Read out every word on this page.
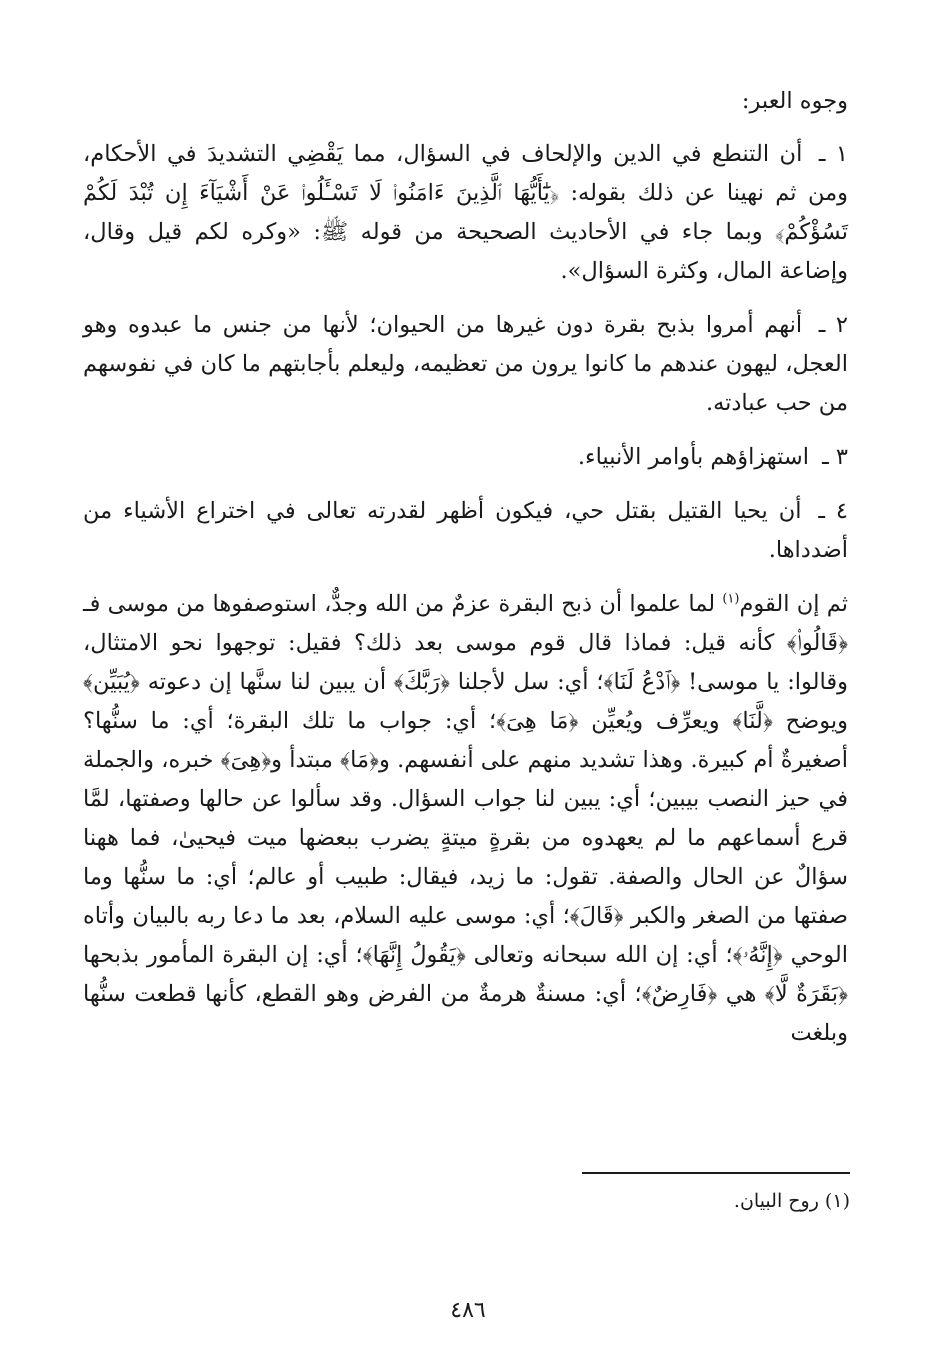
وجوه العبر:

١ ـ أن التنطع في الدين والإلحاف في السؤال، مما يَقْضِي التشديدَ في الأحكام، ومن ثم نهينا عن ذلك بقوله: ﴿يَٰٓأَيُّهَا ٱلَّذِينَ ءَامَنُوا۟ لَا تَسْـَٔلُوا۟ عَنْ أَشْيَآءَ إِن تُبْدَ لَكُمْ تَسُؤْكُمْ﴾ وبما جاء في الأحاديث الصحيحة من قوله ﷺ: «وكره لكم قيل وقال، وإضاعة المال، وكثرة السؤال».

٢ ـ أنهم أمروا بذبح بقرة دون غيرها من الحيوان؛ لأنها من جنس ما عبدوه وهو العجل، ليهون عندهم ما كانوا يرون من تعظيمه، وليعلم بأجابتهم ما كان في نفوسهم من حب عبادته.

٣ ـ استهزاؤهم بأوامر الأنبياء.

٤ ـ أن يحيا القتيل بقتل حي، فيكون أظهر لقدرته تعالى في اختراع الأشياء من أضدداها.

ثم إن القوم$^{(١)}$ لما علموا أن ذبح البقرة عزمٌ من الله وجدٌّ، استوصفوها من موسى فـ ﴿قَالُوا۟﴾ كأنه قيل: فماذا قال قوم موسى بعد ذلك؟ فقيل: توجهوا نحو الامتثال، وقالوا: يا موسى! ﴿ٱدْعُ لَنَا﴾؛ أي: سل لأجلنا ﴿رَبَّكَ﴾ أن يبين لنا سنَّها إن دعوته ﴿يُبَيِّن﴾ ويوضح ﴿لَّنَا﴾ ويعرِّف ويُعيِّن ﴿مَا هِىَ﴾؛ أي: جواب ما تلك البقرة؛ أي: ما سنُّها؟ أصغيرةٌ أم كبيرة. وهذا تشديد منهم على أنفسهم. و﴿مَا﴾ مبتدأ و﴿هِىَ﴾ خبره، والجملة في حيز النصب بيبين؛ أي: يبين لنا جواب السؤال. وقد سألوا عن حالها وصفتها، لمَّا قرع أسماعهم ما لم يعهدوه من بقرةٍ ميتةٍ يضرب ببعضها ميت فيحيىٰ، فما ههنا سؤالٌ عن الحال والصفة. تقول: ما زيد، فيقال: طبيب أو عالم؛ أي: ما سنُّها وما صفتها من الصغر والكبر ﴿قَالَ﴾؛ أي: موسى عليه السلام، بعد ما دعا ربه بالبيان وأتاه الوحي ﴿إِنَّهُۥ﴾؛ أي: إن الله سبحانه وتعالى ﴿يَقُولُ إِنَّهَا﴾؛ أي: إن البقرة المأمور بذبحها ﴿بَقَرَةٌ لَّا﴾ هي ﴿فَارِضٌ﴾؛ أي: مسنةٌ هرمةٌ من الفرض وهو القطع، كأنها قطعت سنُّها وبلغت

(١) روح البيان.
٤٨٦
